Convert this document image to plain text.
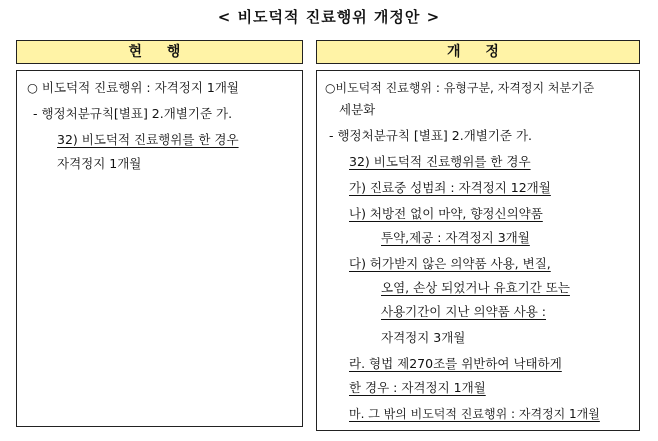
< 비도덕적 진료행위 개정안 >
현 행	개 정
○ 비도덕적 진료행위 : 자격정지 1개월
- 행정처분규칙[별표] 2.개별기준 가.
32) 비도덕적 진료행위를 한 경우
자격정지 1개월
○비도덕적 진료행위 : 유형구분, 자격정지 처분기준
세분화
- 행정처분규칙 [별표] 2.개별기준 가.
32) 비도덕적 진료행위를 한 경우
가) 진료중 성범죄 : 자격정지 12개월
나) 처방전 없이 마약, 향정신의약품
투약,제공 : 자격정지 3개월
다) 허가받지 않은 의약품 사용, 변질,
오염, 손상 되었거나 유효기간 또는
사용기간이 지난 의약품 사용 :
자격정지 3개월
라. 형법 제270조를 위반하여 낙태하게
한 경우 : 자격정지 1개월
마. 그 밖의 비도덕적 진료행위 : 자격정지 1개월
